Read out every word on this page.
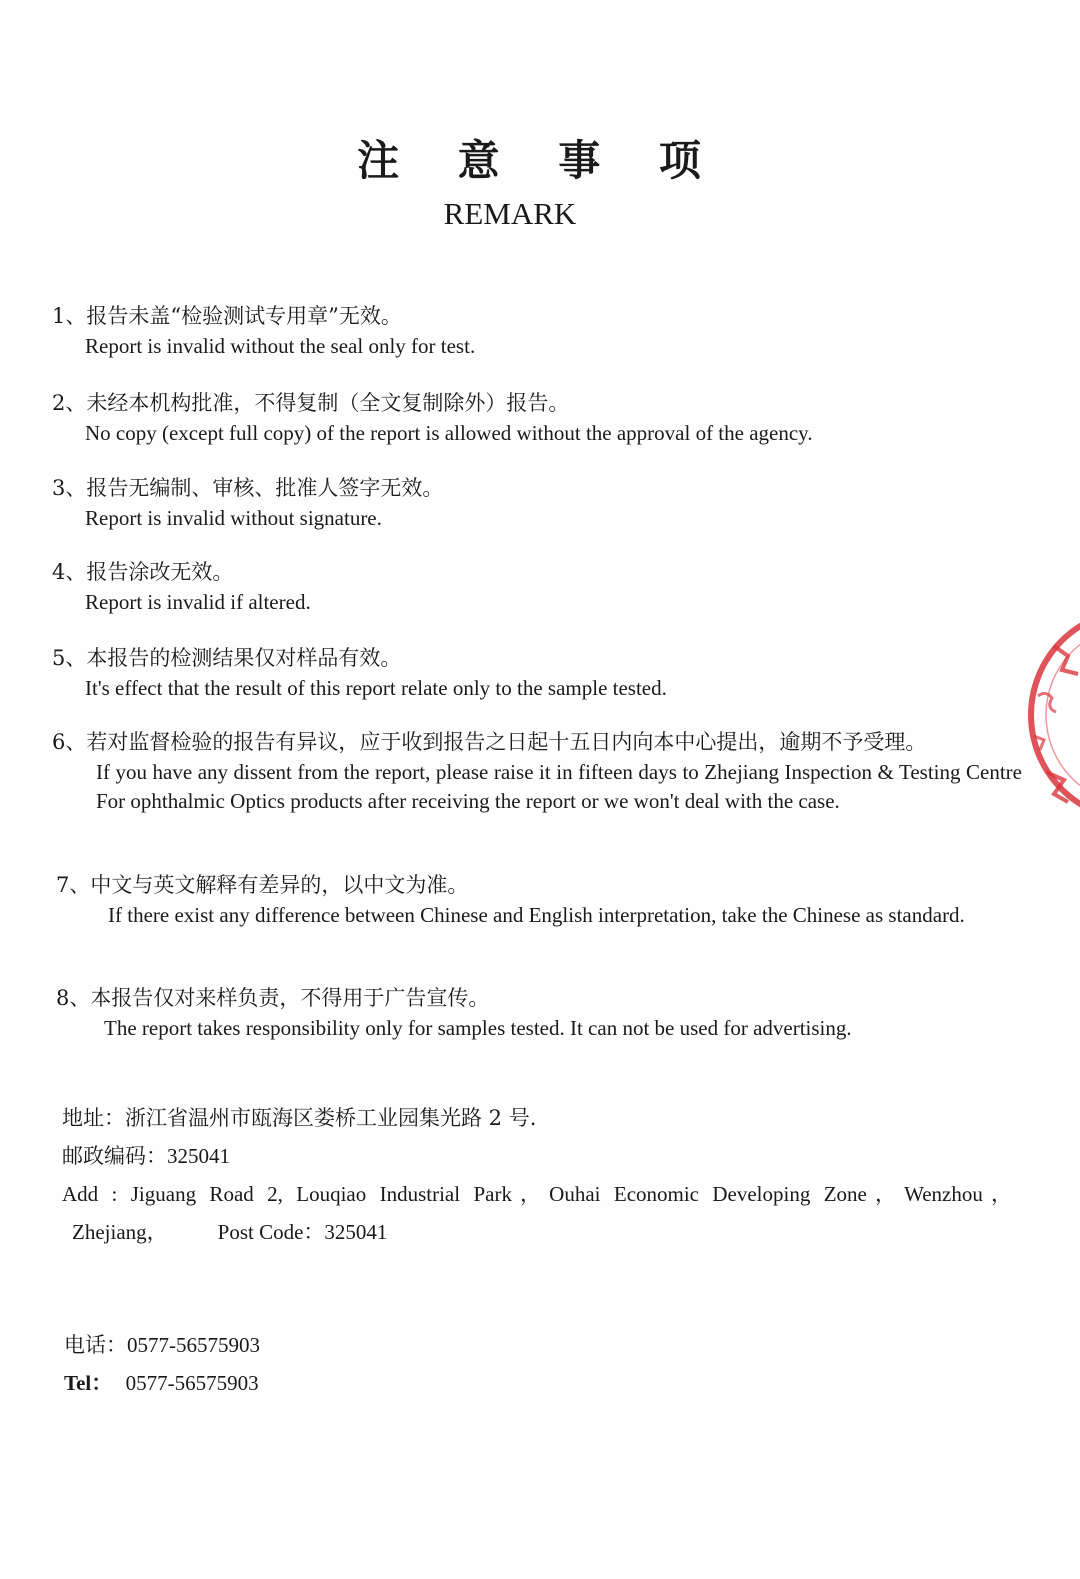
注 意 事 项
REMARK
1、报告未盖“检验测试专用章”无效。
Report is invalid without the seal only for test.
2、未经本机构批准，不得复制（全文复制除外）报告。
No copy (except full copy) of the report is allowed without the approval of the agency.
3、报告无编制、审核、批准人签字无效。
Report is invalid without signature.
4、报告涂改无效。
Report is invalid if altered.
5、本报告的检测结果仅对样品有效。
It's effect that the result of this report relate only to the sample tested.
6、若对监督检验的报告有异议，应于收到报告之日起十五日内向本中心提出，逾期不予受理。
If you have any dissent from the report, please raise it in fifteen days to Zhejiang Inspection & Testing Centre For ophthalmic Optics products after receiving the report or we won't deal with the case.
7、中文与英文解释有差异的，以中文为准。
If there exist any difference between Chinese and English interpretation, take the Chinese as standard.
8、本报告仅对来样负责，不得用于广告宣传。
The report takes responsibility only for samples tested. It can not be used for advertising.
地址：浙江省温州市瓯海区娄桥工业园集光路 2 号.
邮政编码：325041
Add : Jiguang Road 2, Louqiao Industrial Park，Ouhai Economic Developing Zone，Wenzhou，
Zhejiang， Post Code：325041
电话：0577-56575903
Tel： 0577-56575903
